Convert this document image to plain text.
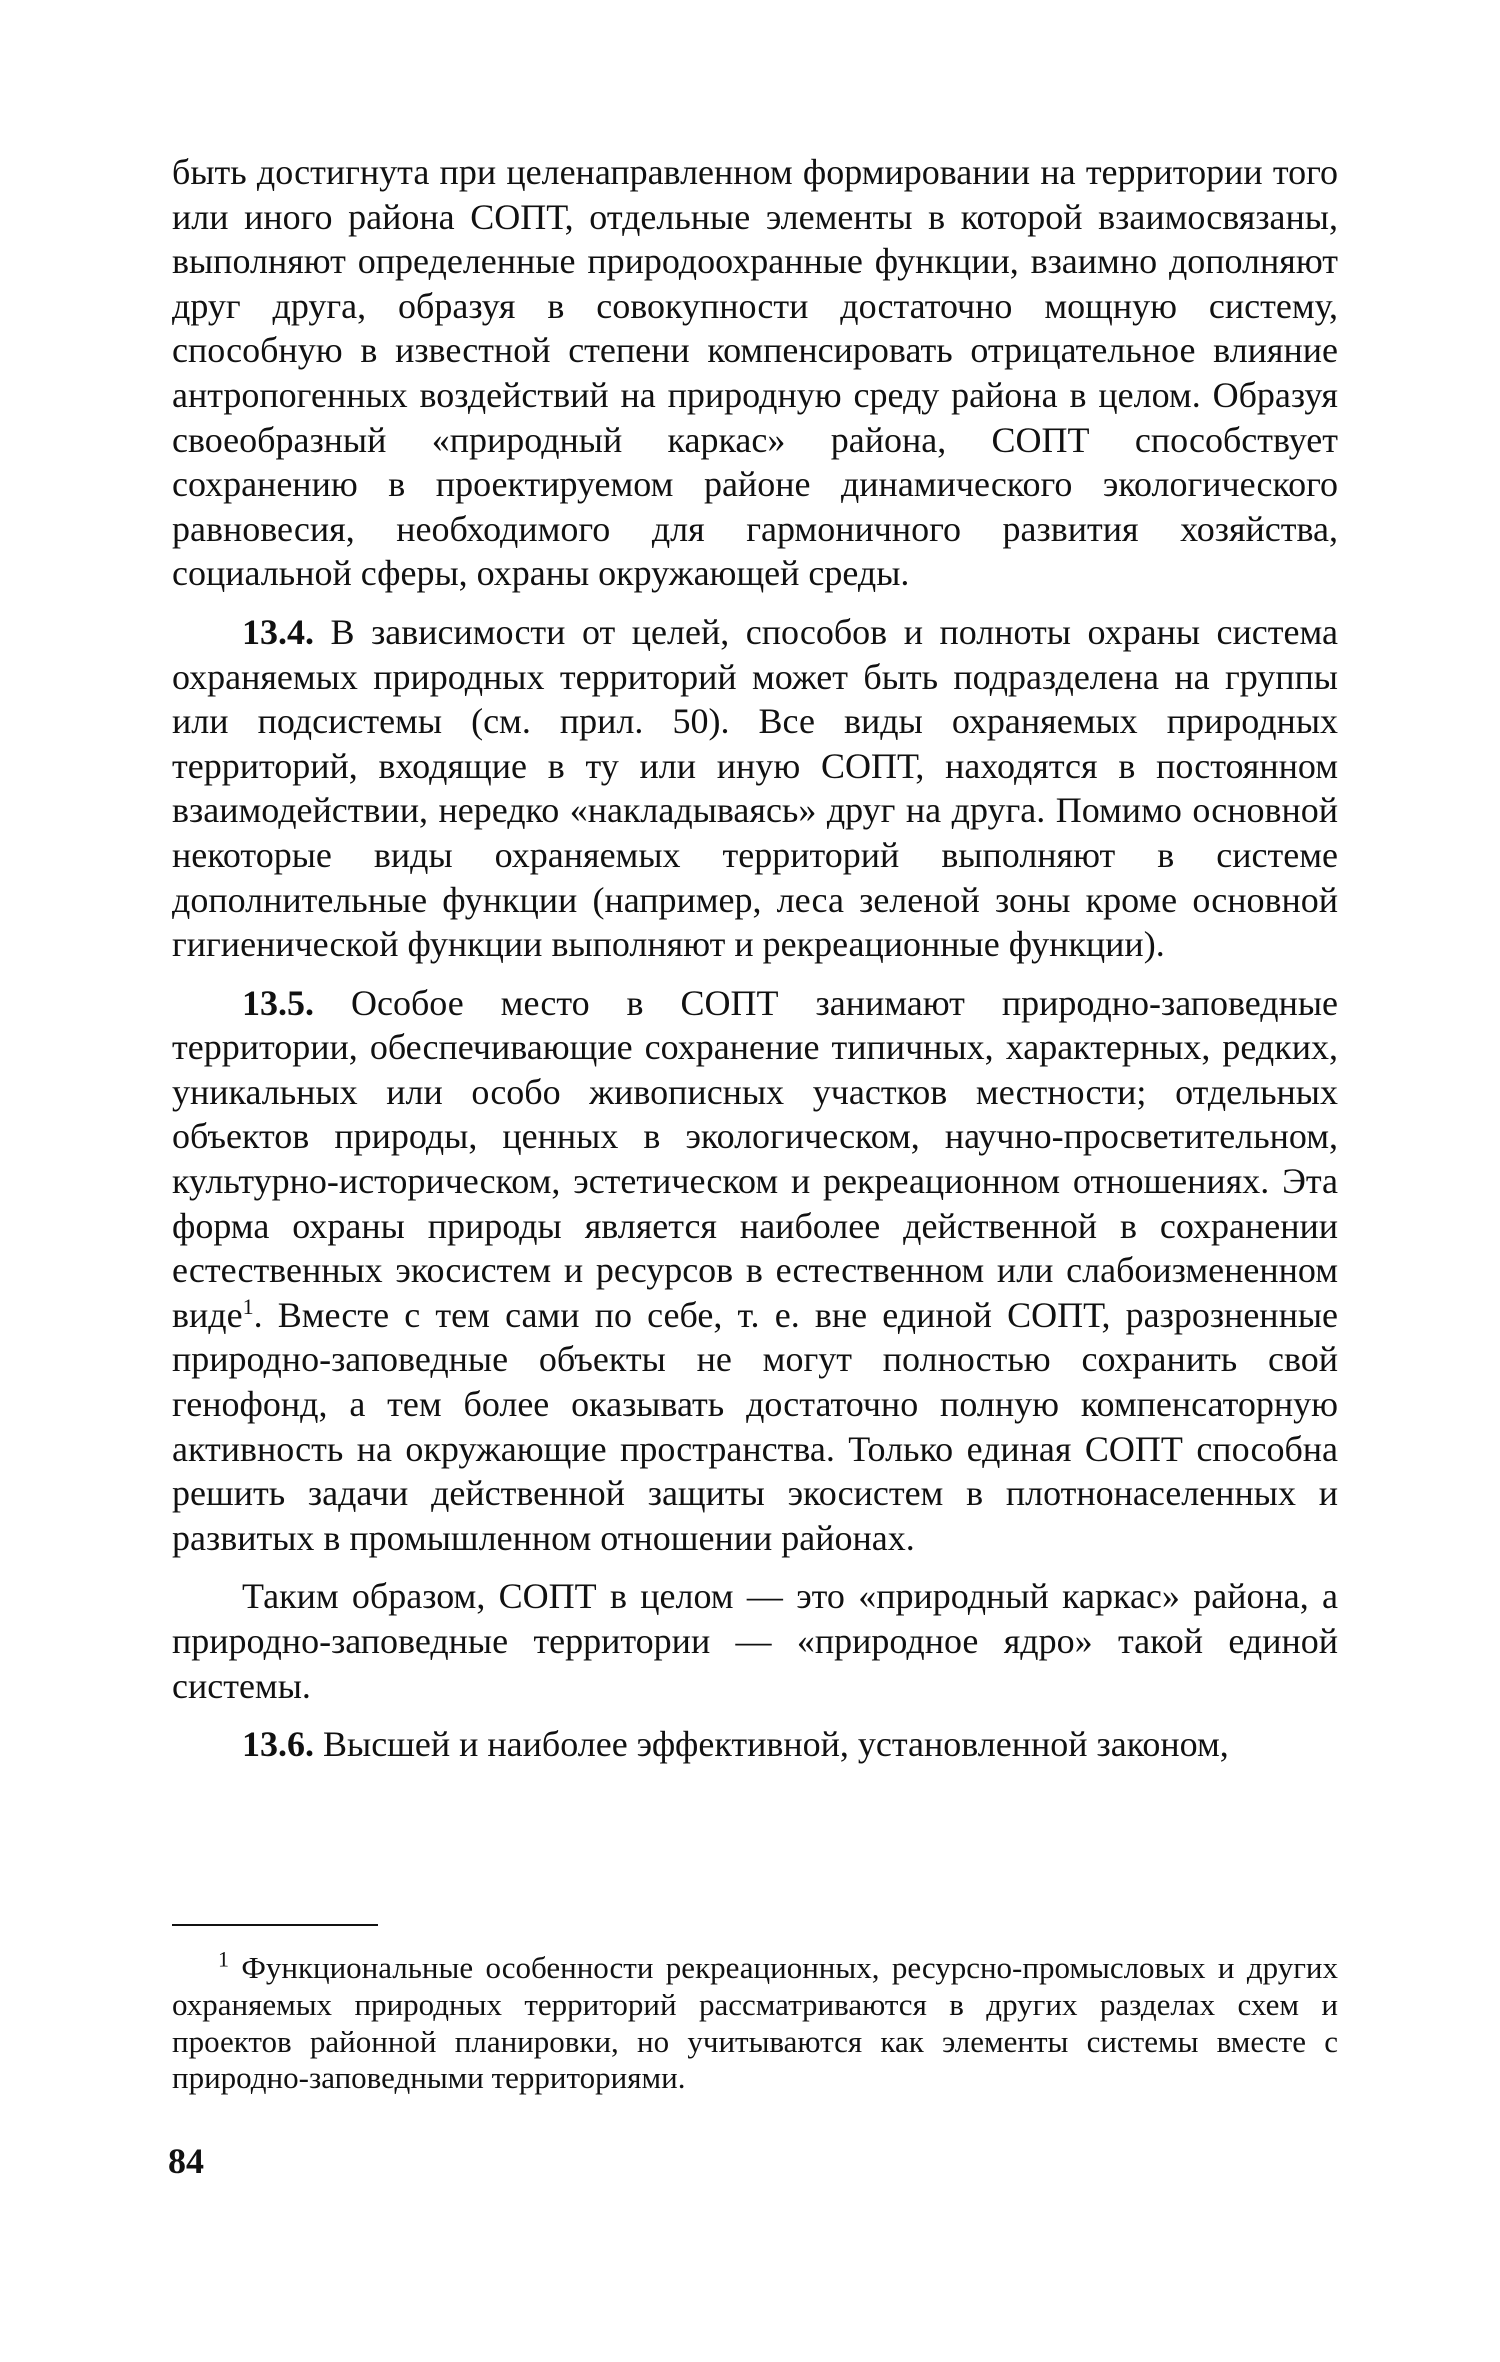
быть достигнута при целенаправленном формировании на территории того или иного района СОПТ, отдельные элементы в которой взаимосвязаны, выполняют определенные природоохранные функции, взаимно дополняют друг друга, образуя в совокупности достаточно мощную систему, способную в известной степени компенсировать отрицательное влияние антропогенных воздействий на природную среду района в целом. Образуя своеобразный «природный каркас» района, СОПТ способствует сохранению в проектируемом районе динамического экологического равновесия, необходимого для гармоничного развития хозяйства, социальной сферы, охраны окружающей среды.

13.4. В зависимости от целей, способов и полноты охраны система охраняемых природных территорий может быть подразделена на группы или подсистемы (см. прил. 50). Все виды охраняемых природных территорий, входящие в ту или иную СОПТ, находятся в постоянном взаимодействии, нередко «накладываясь» друг на друга. Помимо основной некоторые виды охраняемых территорий выполняют в системе дополнительные функции (например, леса зеленой зоны кроме основной гигиенической функции выполняют и рекреационные функции).

13.5. Особое место в СОПТ занимают природно-заповедные территории, обеспечивающие сохранение типичных, характерных, редких, уникальных или особо живописных участков местности; отдельных объектов природы, ценных в экологическом, научно-просветительном, культурно-историческом, эстетическом и рекреационном отношениях. Эта форма охраны природы является наиболее действенной в сохранении естественных экосистем и ресурсов в естественном или слабоизмененном виде$^1$. Вместе с тем сами по себе, т. е. вне единой СОПТ, разрозненные природно-заповедные объекты не могут полностью сохранить свой генофонд, а тем более оказывать достаточно полную компенсаторную активность на окружающие пространства. Только единая СОПТ способна решить задачи действенной защиты экосистем в плотнонаселенных и развитых в промышленном отношении районах.

Таким образом, СОПТ в целом — это «природный каркас» района, а природно-заповедные территории — «природное ядро» такой единой системы.

13.6. Высшей и наиболее эффективной, установленной законом,

$^1$ Функциональные особенности рекреационных, ресурсно-промысловых и других охраняемых природных территорий рассматриваются в других разделах схем и проектов районной планировки, но учитываются как элементы системы вместе с природно-заповедными территориями.

84
